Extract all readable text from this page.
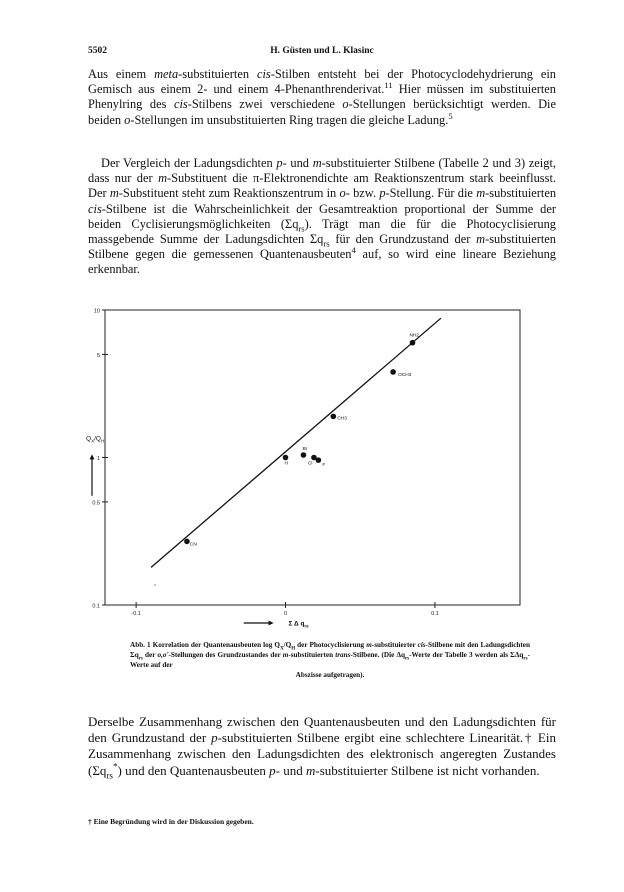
5502	H. Güsten und L. Klasinc

Aus einem meta-substituierten cis-Stilben entsteht bei der Photocyclodehydrierung ein Gemisch aus einem 2- und einem 4-Phenanthrenderivat.$^{11}$ Hier müssen im substituierten Phenylring des cis-Stilbens zwei verschiedene o-Stellungen berücksichtigt werden. Die beiden o-Stellungen im unsubstituierten Ring tragen die gleiche Ladung.$^5$

Der Vergleich der Ladungsdichten p- und m-substituierter Stilbene (Tabelle 2 und 3) zeigt, dass nur der m-Substituent die π-Elektronendichte am Reaktionszentrum stark beeinflusst. Der m-Substituent steht zum Reaktionszentrum in o- bzw. p-Stellung. Für die m-substituierten cis-Stilbene ist die Wahrscheinlichkeit der Gesamtreaktion proportional der Summe der beiden Cyclisierungsmöglichkeiten $(\Sigma q_{rs})$. Trägt man die für die Photocyclisierung massgebende Summe der Ladungsdichten $\Sigma q_{rs}$ für den Grundzustand der m-substituierten Stilbene gegen die gemessenen Quantenausbeuten$^4$ auf, so wird eine lineare Beziehung erkennbar.

0.1
0.5
1
5
10
-0.1	0	0.1
CN
H
Br
Cl F
CH3
OCH3
NH2
°
$Q_X/Q_H$
Σ Δ $q_{rs}$
Abb. 1 Korrelation der Quantenausbeuten $\log Q_X/Q_H$ der Photocyclisierung m-substituierter cis-Stilbene mit den Ladungsdichten $\Sigma q_{rs}$ der o,o'-Stellungen des Grundzustandes der m-substituierten trans-Stilbene. (Die $\Delta q_{rs}$-Werte der Tabelle 3 werden als ΣΔq$_{rs}$-Werte auf der
Abszisse aufgetragen).

Derselbe Zusammenhang zwischen den Quantenausbeuten und den Ladungsdichten für den Grundzustand der p-substituierten Stilbene ergibt eine schlechtere Linearität.† Ein Zusammenhang zwischen den Ladungsdichten des elektronisch angeregten Zustandes $(\Sigma q_{rs}^*)$ und den Quantenausbeuten p- und m-substituierter Stilbene ist nicht vorhanden.

† Eine Begründung wird in der Diskussion gegeben.
